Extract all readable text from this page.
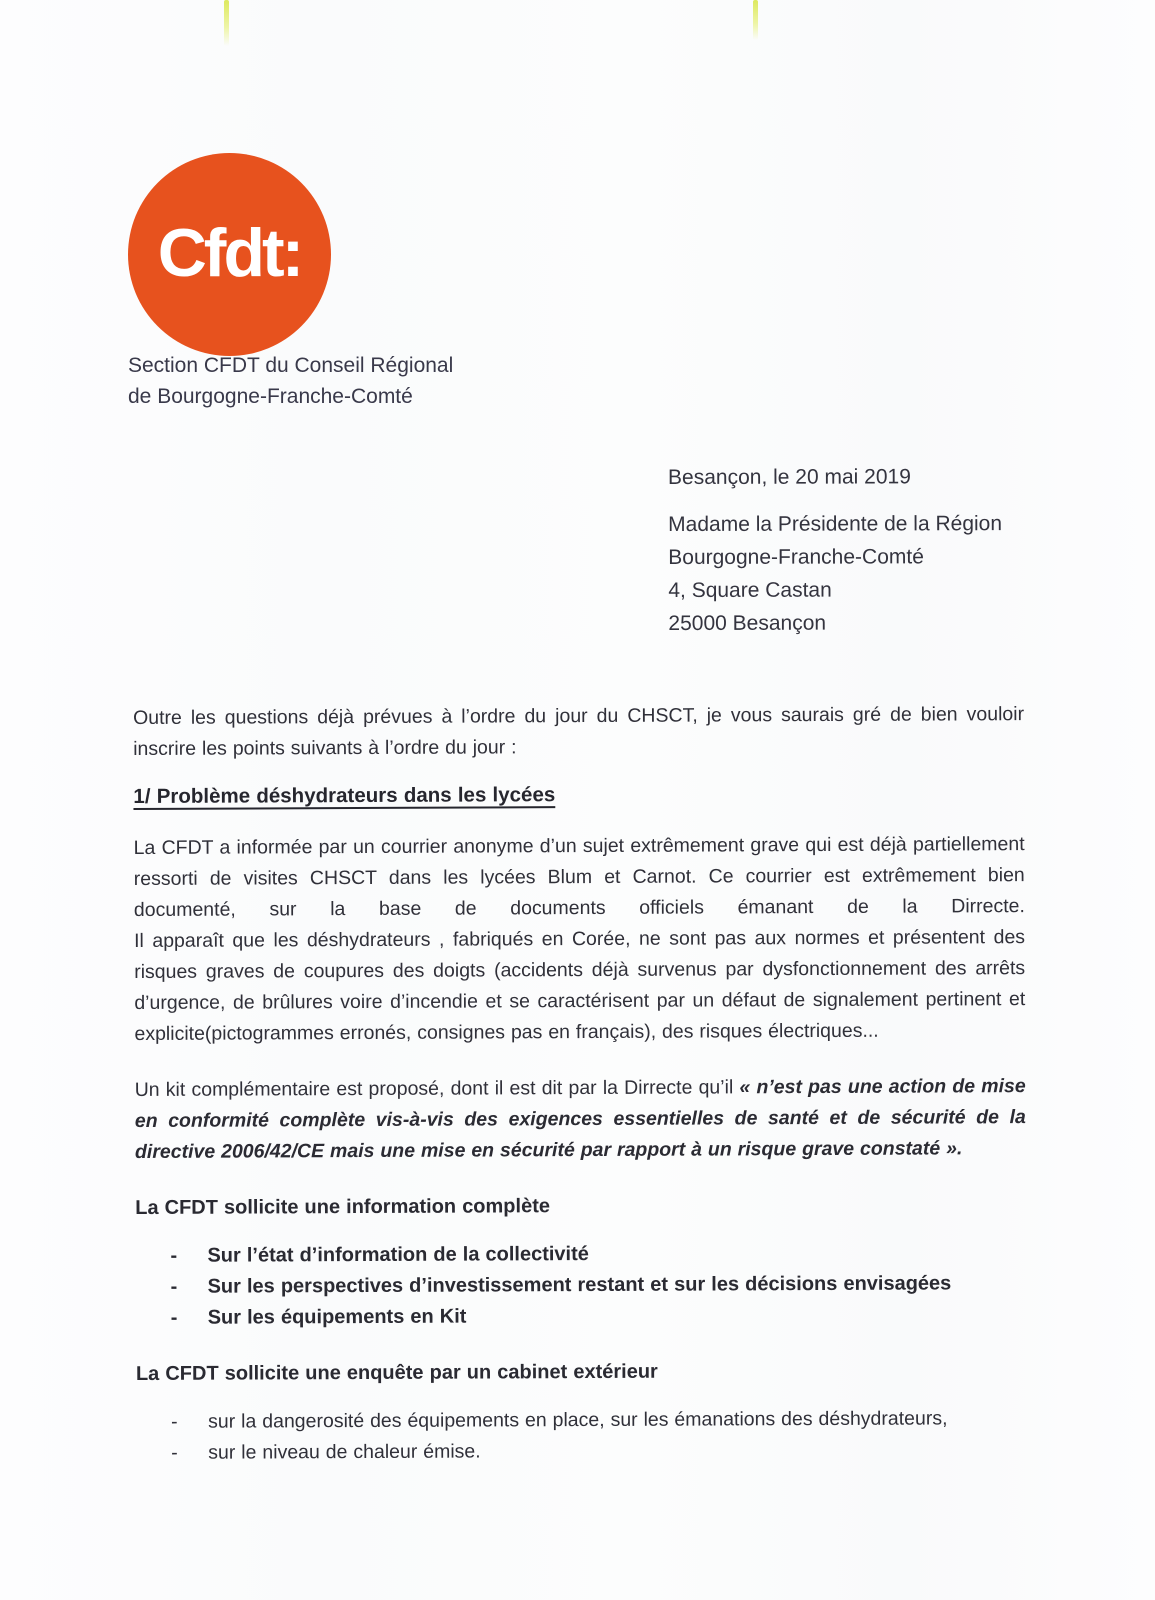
Cfdt:
Section CFDT du Conseil Régional
de Bourgogne-Franche-Comté
Besançon, le 20 mai 2019
Madame la Présidente de la Région
Bourgogne-Franche-Comté
4, Square Castan
25000 Besançon

Outre les questions déjà prévues à l’ordre du jour du CHSCT, je vous saurais gré de bien vouloir inscrire les points suivants à l’ordre du jour :

1/ Problème déshydrateurs dans les lycées

La CFDT a informée par un courrier anonyme d’un sujet extrêmement grave qui est déjà partiellement ressorti de visites CHSCT dans les lycées Blum et Carnot. Ce courrier est extrêmement bien documenté, sur la base de documents officiels émanant de la Dirrecte.

Il apparaît que les déshydrateurs , fabriqués en Corée, ne sont pas aux normes et présentent des risques graves de coupures des doigts (accidents déjà survenus par dysfonctionnement des arrêts d’urgence, de brûlures voire d’incendie et se caractérisent par un défaut de signalement pertinent et explicite(pictogrammes erronés, consignes pas en français), des risques électriques...

Un kit complémentaire est proposé, dont il est dit par la Dirrecte qu’il « n’est pas une action de mise en conformité complète vis-à-vis des exigences essentielles de santé et de sécurité de la directive 2006/42/CE mais une mise en sécurité par rapport à un risque grave constaté ».

La CFDT sollicite une information complète
- Sur l’état d’information de la collectivité
- Sur les perspectives d’investissement restant et sur les décisions envisagées
- Sur les équipements en Kit
La CFDT sollicite une enquête par un cabinet extérieur
- sur la dangerosité des équipements en place, sur les émanations des déshydrateurs,
- sur le niveau de chaleur émise.
